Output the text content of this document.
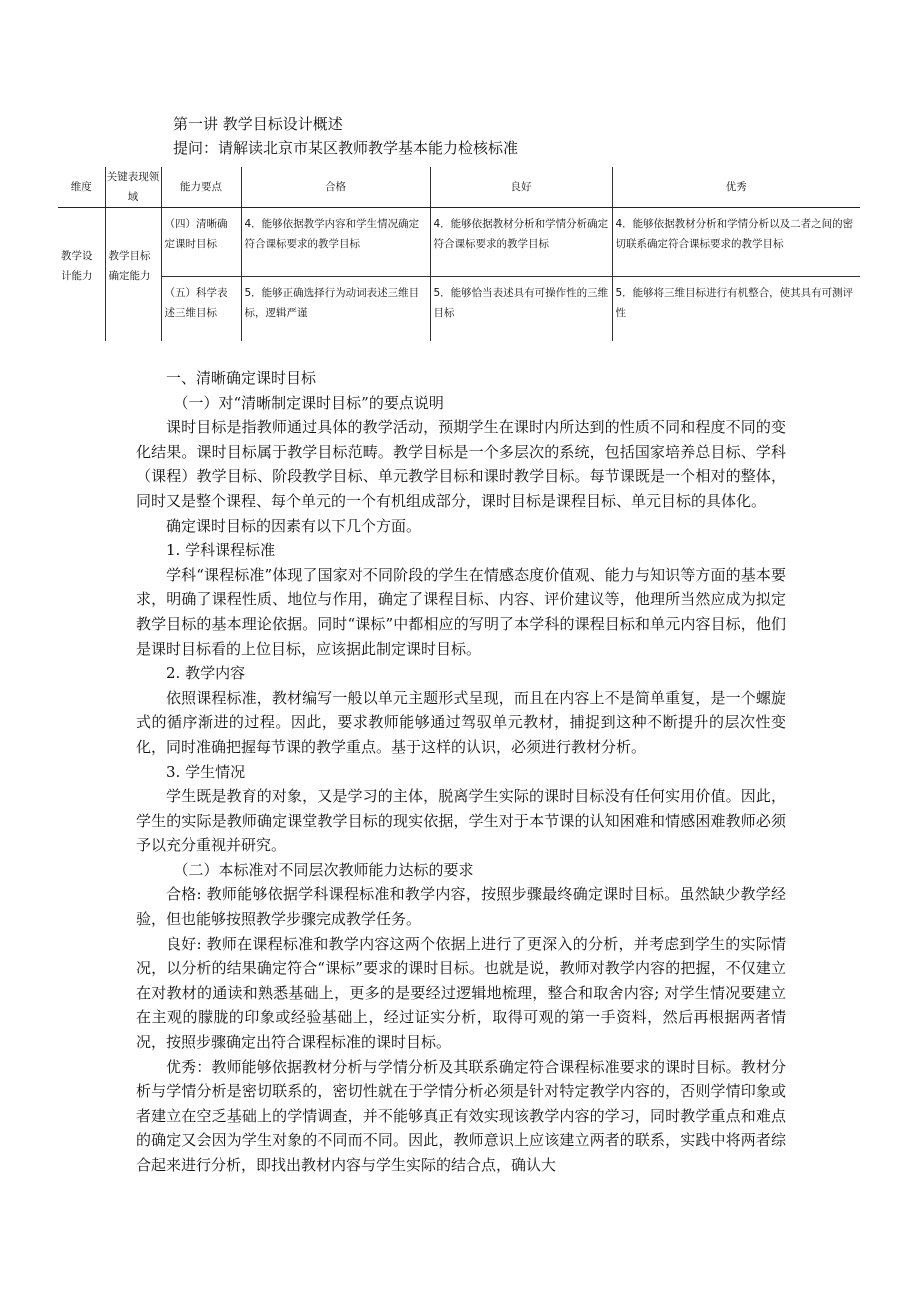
第一讲 教学目标设计概述
提问：请解读北京市某区教师教学基本能力检核标准
维度	关键表现领域	能力要点	合格	良好	优秀
教学设计能力	教学目标确定能力	（四）清晰确定课时目标	4．能够依据教学内容和学生情况确定符合课标要求的教学目标	4．能够依据教材分析和学情分析确定符合课标要求的教学目标	4．能够依据教材分析和学情分析以及二者之间的密切联系确定符合课标要求的教学目标
		（五）科学表述三维目标	5．能够正确选择行为动词表述三维目标，逻辑严谨	5．能够恰当表述具有可操作性的三维目标	5．能够将三维目标进行有机整合，使其具有可测评性

一、清晰确定课时目标

（一）对“清晰制定课时目标”的要点说明

课时目标是指教师通过具体的教学活动，预期学生在课时内所达到的性质不同和程度不同的变化结果。课时目标属于教学目标范畴。教学目标是一个多层次的系统，包括国家培养总目标、学科（课程）教学目标、阶段教学目标、单元教学目标和课时教学目标。每节课既是一个相对的整体，同时又是整个课程、每个单元的一个有机组成部分，课时目标是课程目标、单元目标的具体化。

确定课时目标的因素有以下几个方面。

1. 学科课程标准

学科“课程标准”体现了国家对不同阶段的学生在情感态度价值观、能力与知识等方面的基本要求，明确了课程性质、地位与作用，确定了课程目标、内容、评价建议等，他理所当然应成为拟定教学目标的基本理论依据。同时“课标”中都相应的写明了本学科的课程目标和单元内容目标，他们是课时目标看的上位目标，应该据此制定课时目标。

2. 教学内容

依照课程标准，教材编写一般以单元主题形式呈现，而且在内容上不是简单重复，是一个螺旋式的循序渐进的过程。因此，要求教师能够通过驾驭单元教材，捕捉到这种不断提升的层次性变化，同时准确把握每节课的教学重点。基于这样的认识，必须进行教材分析。

3. 学生情况

学生既是教育的对象，又是学习的主体，脱离学生实际的课时目标没有任何实用价值。因此，学生的实际是教师确定课堂教学目标的现实依据，学生对于本节课的认知困难和情感困难教师必须予以充分重视并研究。

（二）本标准对不同层次教师能力达标的要求

合格: 教师能够依据学科课程标准和教学内容，按照步骤最终确定课时目标。虽然缺少教学经验，但也能够按照教学步骤完成教学任务。

良好: 教师在课程标准和教学内容这两个依据上进行了更深入的分析，并考虑到学生的实际情况，以分析的结果确定符合“课标”要求的课时目标。也就是说，教师对教学内容的把握，不仅建立在对教材的通读和熟悉基础上，更多的是要经过逻辑地梳理，整合和取舍内容; 对学生情况要建立在主观的朦胧的印象或经验基础上，经过证实分析，取得可观的第一手资料，然后再根据两者情况，按照步骤确定出符合课程标准的课时目标。

优秀：教师能够依据教材分析与学情分析及其联系确定符合课程标准要求的课时目标。教材分析与学情分析是密切联系的，密切性就在于学情分析必须是针对特定教学内容的，否则学情印象或者建立在空乏基础上的学情调查，并不能够真正有效实现该教学内容的学习，同时教学重点和难点的确定又会因为学生对象的不同而不同。因此，教师意识上应该建立两者的联系，实践中将两者综合起来进行分析，即找出教材内容与学生实际的结合点，确认大
